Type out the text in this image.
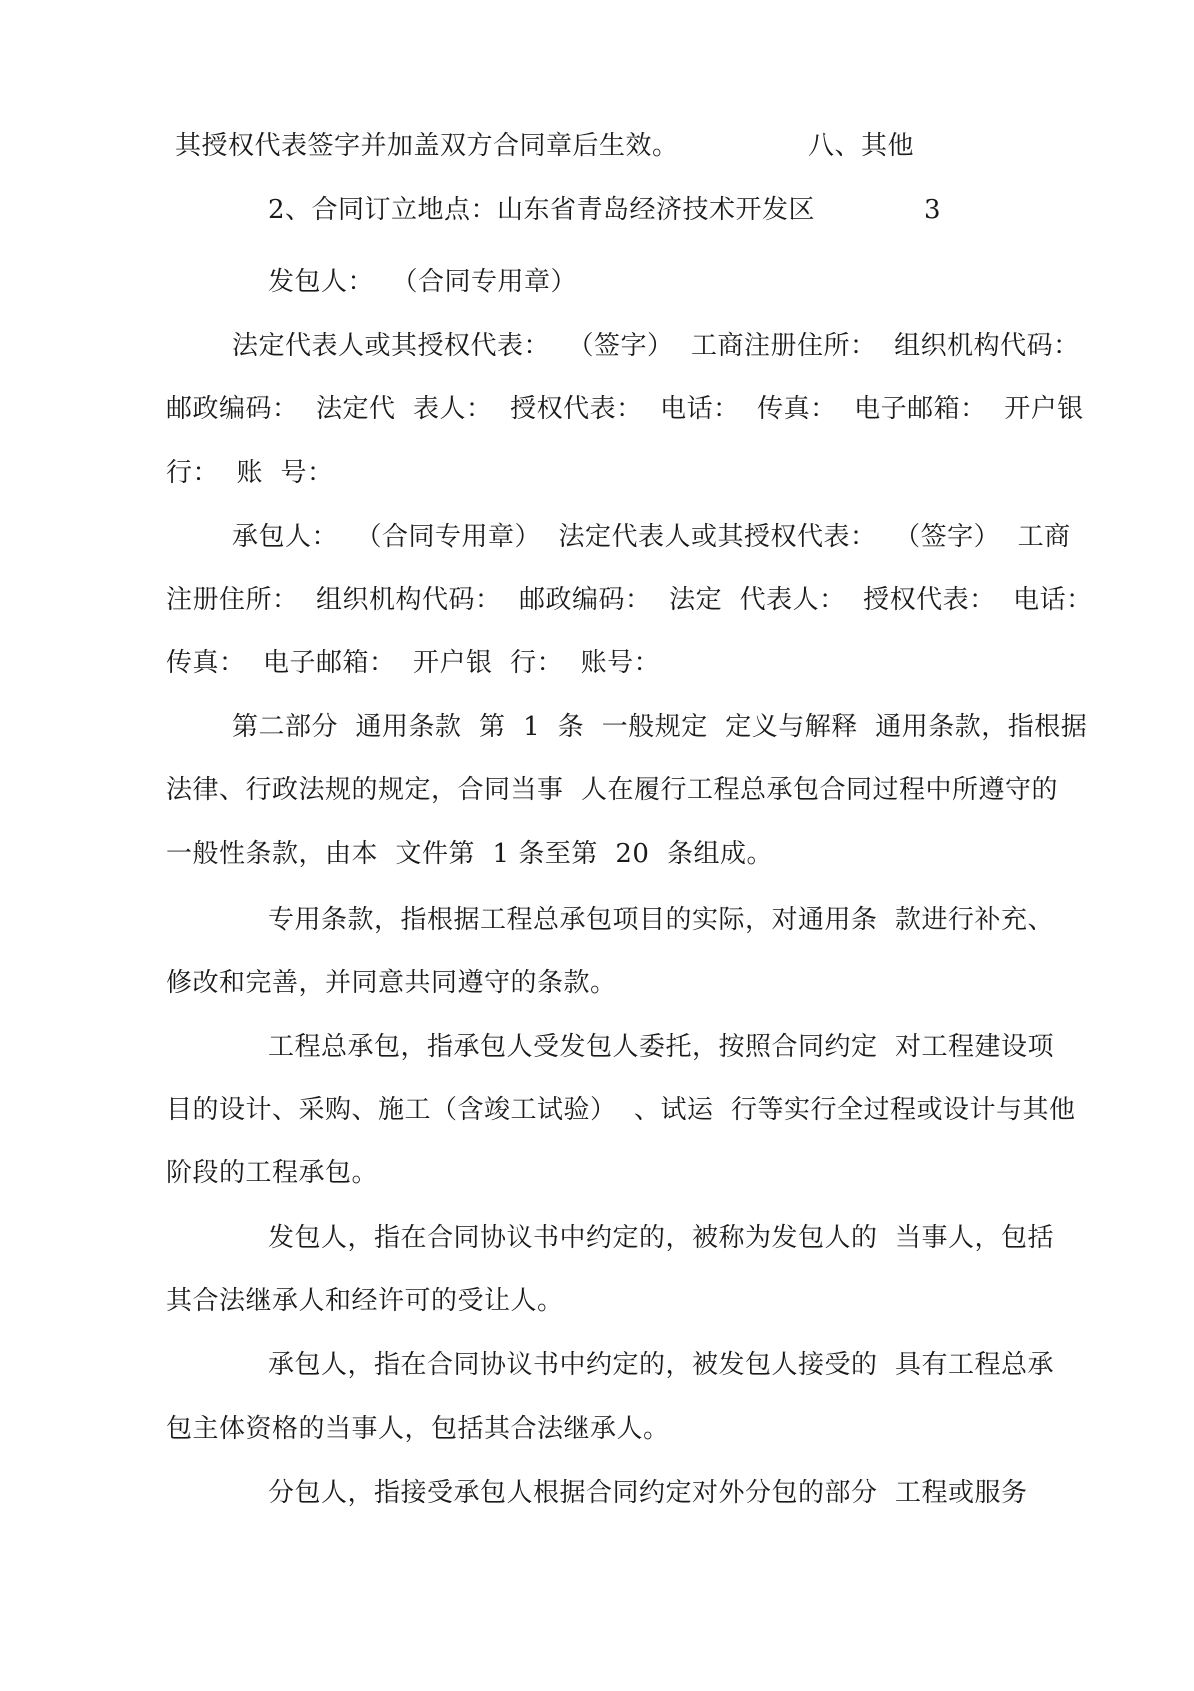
其授权代表签字并加盖双方合同章后生效。	八、其他
2、合同订立地点：山东省青岛经济技术开发区	3
发包人：  （合同专用章）
法定代表人或其授权代表：  （签字）  工商注册住所：  组织机构代码：
邮政编码：  法定代  表人：  授权代表：  电话：  传真：  电子邮箱：  开户银
行：  账  号：
承包人：  （合同专用章）  法定代表人或其授权代表：  （签字）  工商
注册住所：  组织机构代码：  邮政编码：  法定  代表人：  授权代表：  电话：
传真：  电子邮箱：  开户银  行：  账号：
第二部分  通用条款  第  1  条  一般规定  定义与解释  通用条款，指根据
法律、行政法规的规定，合同当事  人在履行工程总承包合同过程中所遵守的
一般性条款，由本  文件第  1 条至第  20  条组成。
专用条款，指根据工程总承包项目的实际，对通用条  款进行补充、
修改和完善，并同意共同遵守的条款。
工程总承包，指承包人受发包人委托，按照合同约定  对工程建设项
目的设计、采购、施工（含竣工试验）  、试运  行等实行全过程或设计与其他
阶段的工程承包。
发包人，指在合同协议书中约定的，被称为发包人的  当事人，包括
其合法继承人和经许可的受让人。
承包人，指在合同协议书中约定的，被发包人接受的  具有工程总承
包主体资格的当事人，包括其合法继承人。
分包人，指接受承包人根据合同约定对外分包的部分  工程或服务
